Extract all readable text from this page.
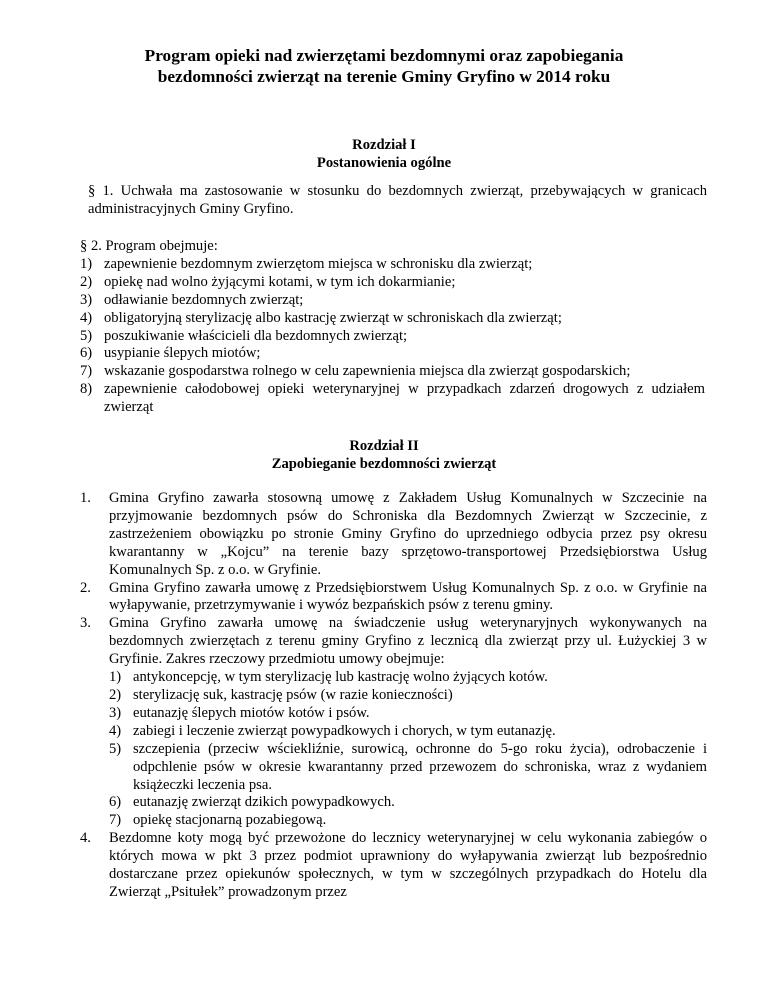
Program opieki nad zwierzętami bezdomnymi oraz zapobiegania
bezdomności zwierząt na terenie Gminy Gryfino w 2014 roku
Rozdział I
Postanowienia ogólne
§ 1. Uchwała ma zastosowanie w stosunku do bezdomnych zwierząt, przebywających w granicach administracyjnych Gminy Gryfino.
§ 2. Program obejmuje:
1) zapewnienie bezdomnym zwierzętom miejsca w schronisku dla zwierząt;
2) opiekę nad wolno żyjącymi kotami, w tym ich dokarmianie;
3) odławianie bezdomnych zwierząt;
4) obligatoryjną sterylizację albo kastrację zwierząt w schroniskach dla zwierząt;
5) poszukiwanie właścicieli dla bezdomnych zwierząt;
6) usypianie ślepych miotów;
7) wskazanie gospodarstwa rolnego w celu zapewnienia miejsca dla zwierząt gospodarskich;
8) zapewnienie całodobowej opieki weterynaryjnej w przypadkach zdarzeń drogowych z udziałem zwierząt
Rozdział II
Zapobieganie bezdomności zwierząt
1. Gmina Gryfino zawarła stosowną umowę z Zakładem Usług Komunalnych w Szczecinie na przyjmowanie bezdomnych psów do Schroniska dla Bezdomnych Zwierząt w Szczecinie, z zastrzeżeniem obowiązku po stronie Gminy Gryfino do uprzedniego odbycia przez psy okresu kwarantanny w „Kojcu” na terenie bazy sprzętowo-transportowej Przedsiębiorstwa Usług Komunalnych Sp. z o.o. w Gryfinie.
2. Gmina Gryfino zawarła umowę z Przedsiębiorstwem Usług Komunalnych Sp. z o.o. w Gryfinie na wyłapywanie, przetrzymywanie i wywóz bezpańskich psów z terenu gminy.
3. Gmina Gryfino zawarła umowę na świadczenie usług weterynaryjnych wykonywanych na bezdomnych zwierzętach z terenu gminy Gryfino z lecznicą dla zwierząt przy ul. Łużyckiej 3 w Gryfinie. Zakres rzeczowy przedmiotu umowy obejmuje:
1) antykoncepcję, w tym sterylizację lub kastrację wolno żyjących kotów.
2) sterylizację suk, kastrację psów (w razie konieczności)
3) eutanazję ślepych miotów kotów i psów.
4) zabiegi i leczenie zwierząt powypadkowych i chorych, w tym eutanazję.
5) szczepienia (przeciw wściekliźnie, surowicą, ochronne do 5-go roku życia), odrobaczenie i odpchlenie psów w okresie kwarantanny przed przewozem do schroniska, wraz z wydaniem książeczki leczenia psa.
6) eutanazję zwierząt dzikich powypadkowych.
7) opiekę stacjonarną pozabiegową.
4. Bezdomne koty mogą być przewożone do lecznicy weterynaryjnej w celu wykonania zabiegów o których mowa w pkt 3 przez podmiot uprawniony do wyłapywania zwierząt lub bezpośrednio dostarczane przez opiekunów społecznych, w tym w szczególnych przypadkach do Hotelu dla Zwierząt „Psitułek” prowadzonym przez
